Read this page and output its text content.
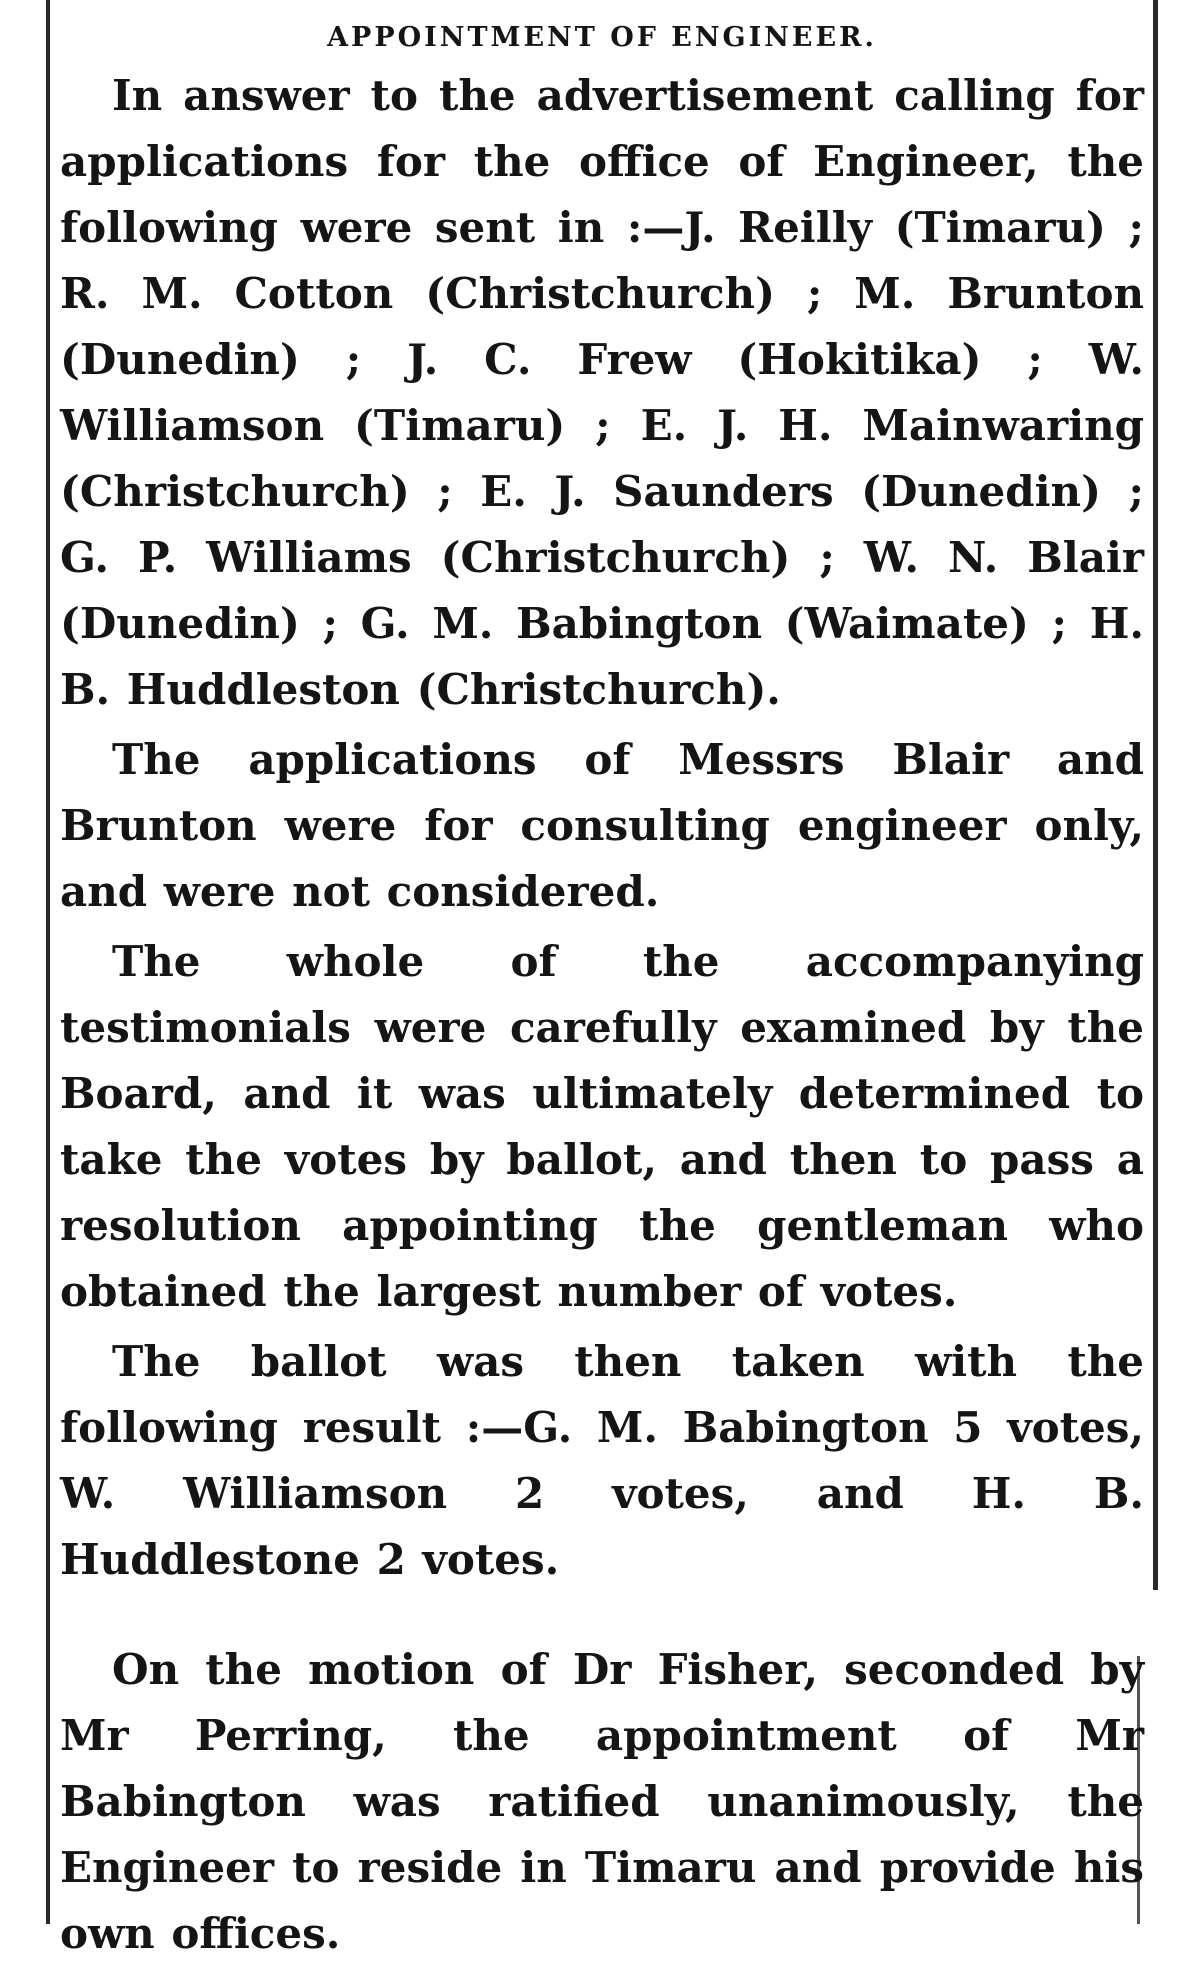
APPOINTMENT OF ENGINEER.

In answer to the advertisement calling for applications for the office of Engineer, the following were sent in :—J. Reilly (Timaru) ; R. M. Cotton (Christchurch) ; M. Brunton (Dunedin) ; J. C. Frew (Hokitika) ; W. Williamson (Timaru) ; E. J. H. Mainwaring (Christchurch) ; E. J. Saunders (Dunedin) ; G. P. Williams (Christchurch) ; W. N. Blair (Dunedin) ; G. M. Babington (Waimate) ; H. B. Huddleston (Christchurch).

The applications of Messrs Blair and Brunton were for consulting engineer only, and were not considered.

The whole of the accompanying testimonials were carefully examined by the Board, and it was ultimately determined to take the votes by ballot, and then to pass a resolution appointing the gentleman who obtained the largest number of votes.

The ballot was then taken with the following result :—G. M. Babington 5 votes, W. Williamson 2 votes, and H. B. Huddlestone 2 votes.

On the motion of Dr Fisher, seconded by Mr Perring, the appointment of Mr Babington was ratified unanimously, the Engineer to reside in Timaru and provide his own offices.
